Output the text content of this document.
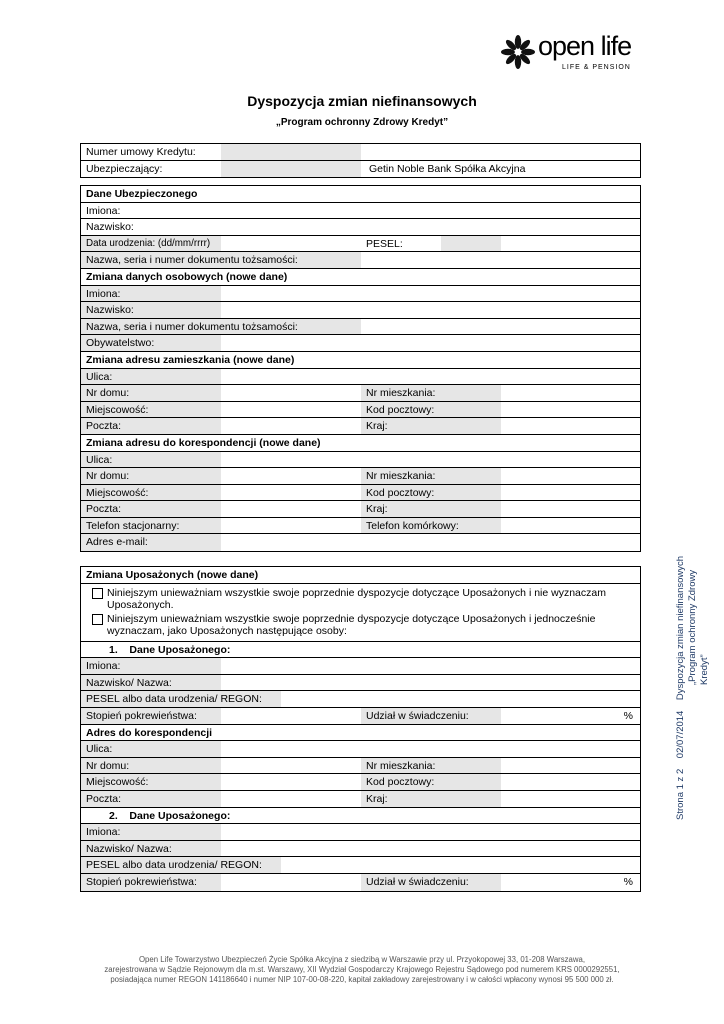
open life
LIFE & PENSION
Dyspozycja zmian niefinansowych
„Program ochronny Zdrowy Kredyt”
Numer umowy Kredytu:
Ubezpieczający:	Getin Noble Bank Spółka Akcyjna
Dane Ubezpieczonego
Imiona:
Nazwisko:
Data urodzenia: (dd/mm/rrrr)	PESEL:
Nazwa, seria i numer dokumentu tożsamości:
Zmiana danych osobowych (nowe dane)
Imiona:
Nazwisko:
Nazwa, seria i numer dokumentu tożsamości:
Obywatelstwo:
Zmiana adresu zamieszkania (nowe dane)
Ulica:
Nr domu:	Nr mieszkania:
Miejscowość:	Kod pocztowy:
Poczta:	Kraj:
Zmiana adresu do korespondencji (nowe dane)
Ulica:
Nr domu:	Nr mieszkania:
Miejscowość:	Kod pocztowy:
Poczta:	Kraj:
Telefon stacjonarny:	Telefon komórkowy:
Adres e-mail:
Zmiana Uposażonych (nowe dane)
Niniejszym unieważniam wszystkie swoje poprzednie dyspozycje dotyczące Uposażonych i nie wyznaczam Uposażonych.
Niniejszym unieważniam wszystkie swoje poprzednie dyspozycje dotyczące Uposażonych i jednocześnie wyznaczam, jako Uposażonych następujące osoby:
1.    Dane Uposażonego:
Imiona:
Nazwisko/ Nazwa:
PESEL albo data urodzenia/ REGON:
Stopień pokrewieństwa:	Udział w świadczeniu:	%
Adres do korespondencji
Ulica:
Nr domu:	Nr mieszkania:
Miejscowość:	Kod pocztowy:
Poczta:	Kraj:
2.    Dane Uposażonego:
Imiona:
Nazwisko/ Nazwa:
PESEL albo data urodzenia/ REGON:
Stopień pokrewieństwa:	Udział w świadczeniu:	%
Strona 1 z 2    02/07/2014    Dyspozycja zmian niefinansowych „Program ochronny Zdrowy Kredyt”
Open Life Towarzystwo Ubezpieczeń Życie Spółka Akcyjna z siedzibą w Warszawie przy ul. Przyokopowej 33, 01-208 Warszawa,
zarejestrowana w Sądzie Rejonowym dla m.st. Warszawy, XII Wydział Gospodarczy Krajowego Rejestru Sądowego pod numerem KRS 0000292551,
posiadająca numer REGON 141186640 i numer NIP 107-00-08-220, kapitał zakładowy zarejestrowany i w całości wpłacony wynosi 95 500 000 zł.
